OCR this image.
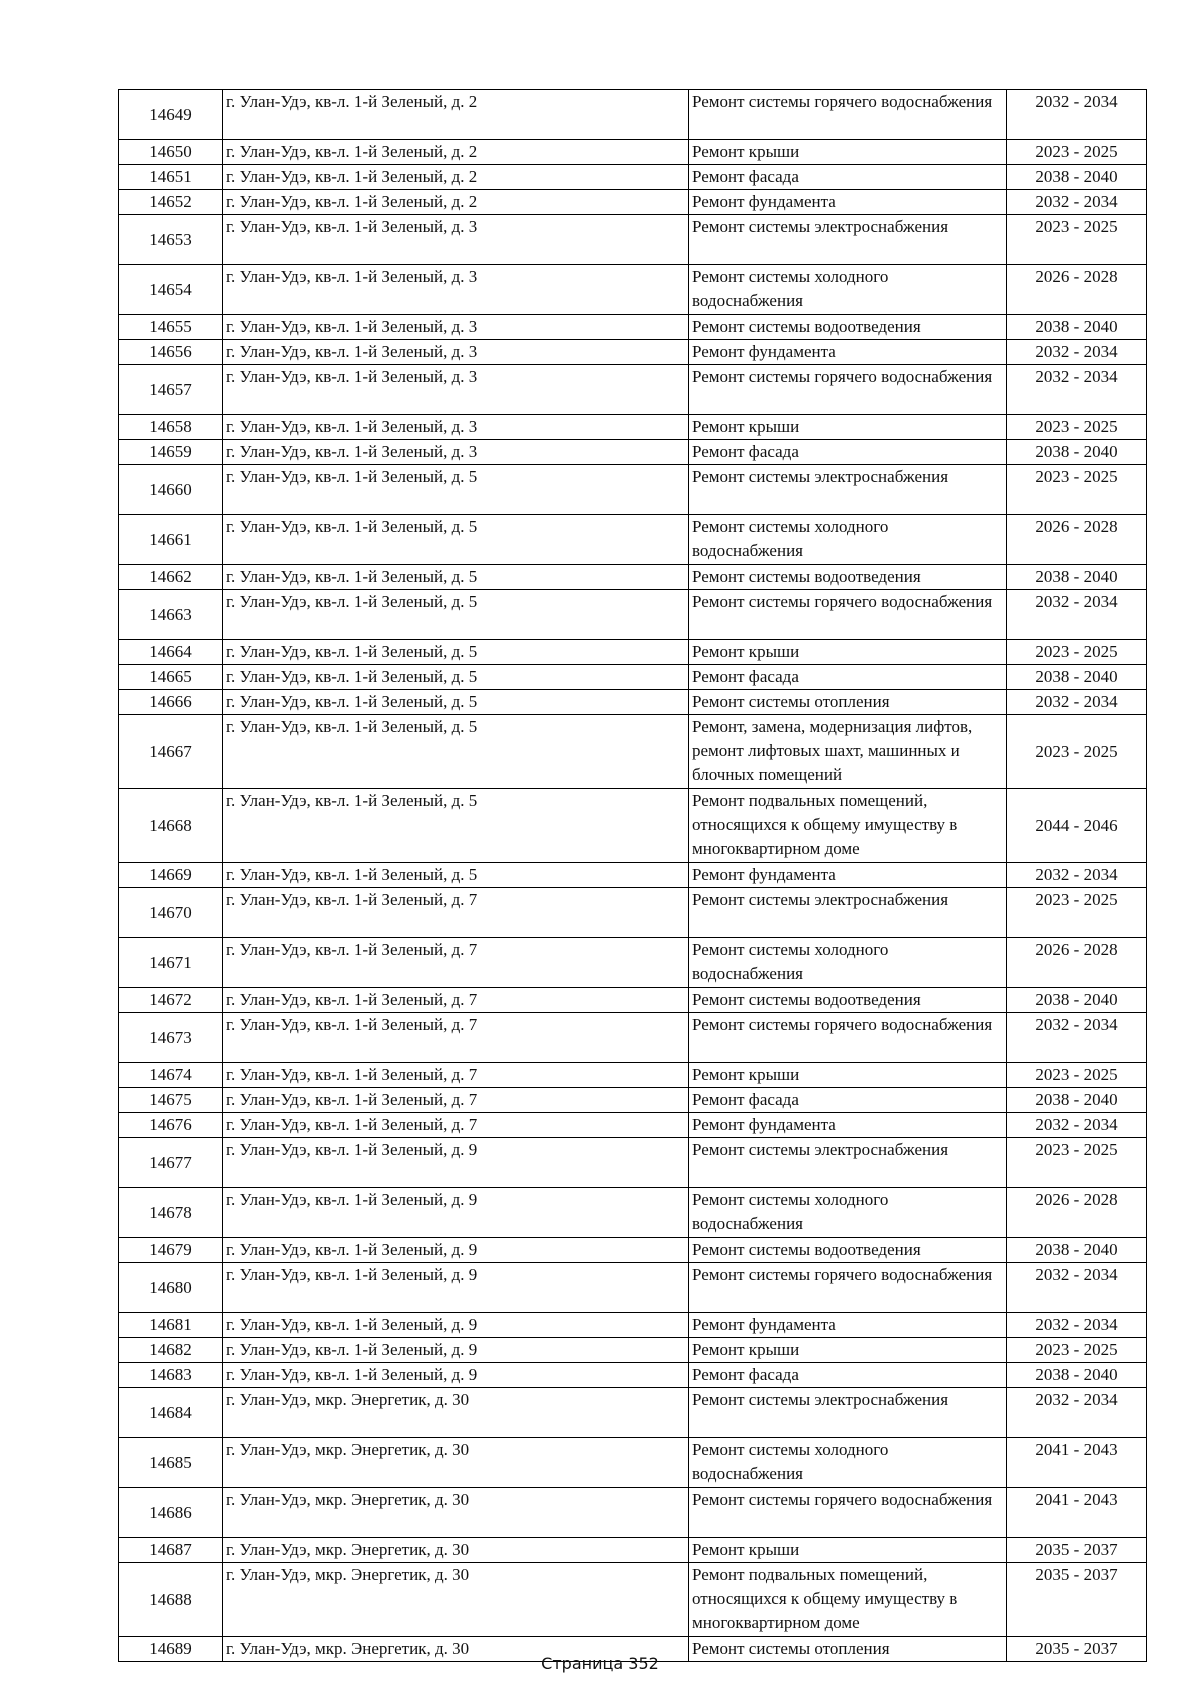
14649	г. Улан-Удэ, кв-л. 1-й Зеленый, д. 2	Ремонт системы горячего водоснабжения	2032 - 2034
14650	г. Улан-Удэ, кв-л. 1-й Зеленый, д. 2	Ремонт крыши	2023 - 2025
14651	г. Улан-Удэ, кв-л. 1-й Зеленый, д. 2	Ремонт фасада	2038 - 2040
14652	г. Улан-Удэ, кв-л. 1-й Зеленый, д. 2	Ремонт фундамента	2032 - 2034
14653	г. Улан-Удэ, кв-л. 1-й Зеленый, д. 3	Ремонт системы электроснабжения	2023 - 2025
14654	г. Улан-Удэ, кв-л. 1-й Зеленый, д. 3	Ремонт системы холодного водоснабжения	2026 - 2028
14655	г. Улан-Удэ, кв-л. 1-й Зеленый, д. 3	Ремонт системы водоотведения	2038 - 2040
14656	г. Улан-Удэ, кв-л. 1-й Зеленый, д. 3	Ремонт фундамента	2032 - 2034
14657	г. Улан-Удэ, кв-л. 1-й Зеленый, д. 3	Ремонт системы горячего водоснабжения	2032 - 2034
14658	г. Улан-Удэ, кв-л. 1-й Зеленый, д. 3	Ремонт крыши	2023 - 2025
14659	г. Улан-Удэ, кв-л. 1-й Зеленый, д. 3	Ремонт фасада	2038 - 2040
14660	г. Улан-Удэ, кв-л. 1-й Зеленый, д. 5	Ремонт системы электроснабжения	2023 - 2025
14661	г. Улан-Удэ, кв-л. 1-й Зеленый, д. 5	Ремонт системы холодного водоснабжения	2026 - 2028
14662	г. Улан-Удэ, кв-л. 1-й Зеленый, д. 5	Ремонт системы водоотведения	2038 - 2040
14663	г. Улан-Удэ, кв-л. 1-й Зеленый, д. 5	Ремонт системы горячего водоснабжения	2032 - 2034
14664	г. Улан-Удэ, кв-л. 1-й Зеленый, д. 5	Ремонт крыши	2023 - 2025
14665	г. Улан-Удэ, кв-л. 1-й Зеленый, д. 5	Ремонт фасада	2038 - 2040
14666	г. Улан-Удэ, кв-л. 1-й Зеленый, д. 5	Ремонт системы отопления	2032 - 2034
14667	г. Улан-Удэ, кв-л. 1-й Зеленый, д. 5	Ремонт, замена, модернизация лифтов, ремонт лифтовых шахт, машинных и блочных помещений	2023 - 2025
14668	г. Улан-Удэ, кв-л. 1-й Зеленый, д. 5	Ремонт подвальных помещений, относящихся к общему имуществу в многоквартирном доме	2044 - 2046
14669	г. Улан-Удэ, кв-л. 1-й Зеленый, д. 5	Ремонт фундамента	2032 - 2034
14670	г. Улан-Удэ, кв-л. 1-й Зеленый, д. 7	Ремонт системы электроснабжения	2023 - 2025
14671	г. Улан-Удэ, кв-л. 1-й Зеленый, д. 7	Ремонт системы холодного водоснабжения	2026 - 2028
14672	г. Улан-Удэ, кв-л. 1-й Зеленый, д. 7	Ремонт системы водоотведения	2038 - 2040
14673	г. Улан-Удэ, кв-л. 1-й Зеленый, д. 7	Ремонт системы горячего водоснабжения	2032 - 2034
14674	г. Улан-Удэ, кв-л. 1-й Зеленый, д. 7	Ремонт крыши	2023 - 2025
14675	г. Улан-Удэ, кв-л. 1-й Зеленый, д. 7	Ремонт фасада	2038 - 2040
14676	г. Улан-Удэ, кв-л. 1-й Зеленый, д. 7	Ремонт фундамента	2032 - 2034
14677	г. Улан-Удэ, кв-л. 1-й Зеленый, д. 9	Ремонт системы электроснабжения	2023 - 2025
14678	г. Улан-Удэ, кв-л. 1-й Зеленый, д. 9	Ремонт системы холодного водоснабжения	2026 - 2028
14679	г. Улан-Удэ, кв-л. 1-й Зеленый, д. 9	Ремонт системы водоотведения	2038 - 2040
14680	г. Улан-Удэ, кв-л. 1-й Зеленый, д. 9	Ремонт системы горячего водоснабжения	2032 - 2034
14681	г. Улан-Удэ, кв-л. 1-й Зеленый, д. 9	Ремонт фундамента	2032 - 2034
14682	г. Улан-Удэ, кв-л. 1-й Зеленый, д. 9	Ремонт крыши	2023 - 2025
14683	г. Улан-Удэ, кв-л. 1-й Зеленый, д. 9	Ремонт фасада	2038 - 2040
14684	г. Улан-Удэ, мкр. Энергетик, д. 30	Ремонт системы электроснабжения	2032 - 2034
14685	г. Улан-Удэ, мкр. Энергетик, д. 30	Ремонт системы холодного водоснабжения	2041 - 2043
14686	г. Улан-Удэ, мкр. Энергетик, д. 30	Ремонт системы горячего водоснабжения	2041 - 2043
14687	г. Улан-Удэ, мкр. Энергетик, д. 30	Ремонт крыши	2035 - 2037
14688	г. Улан-Удэ, мкр. Энергетик, д. 30	Ремонт подвальных помещений, относящихся к общему имуществу в многоквартирном доме	2035 - 2037
14689	г. Улан-Удэ, мкр. Энергетик, д. 30	Ремонт системы отопления	2035 - 2037
Страница 352
